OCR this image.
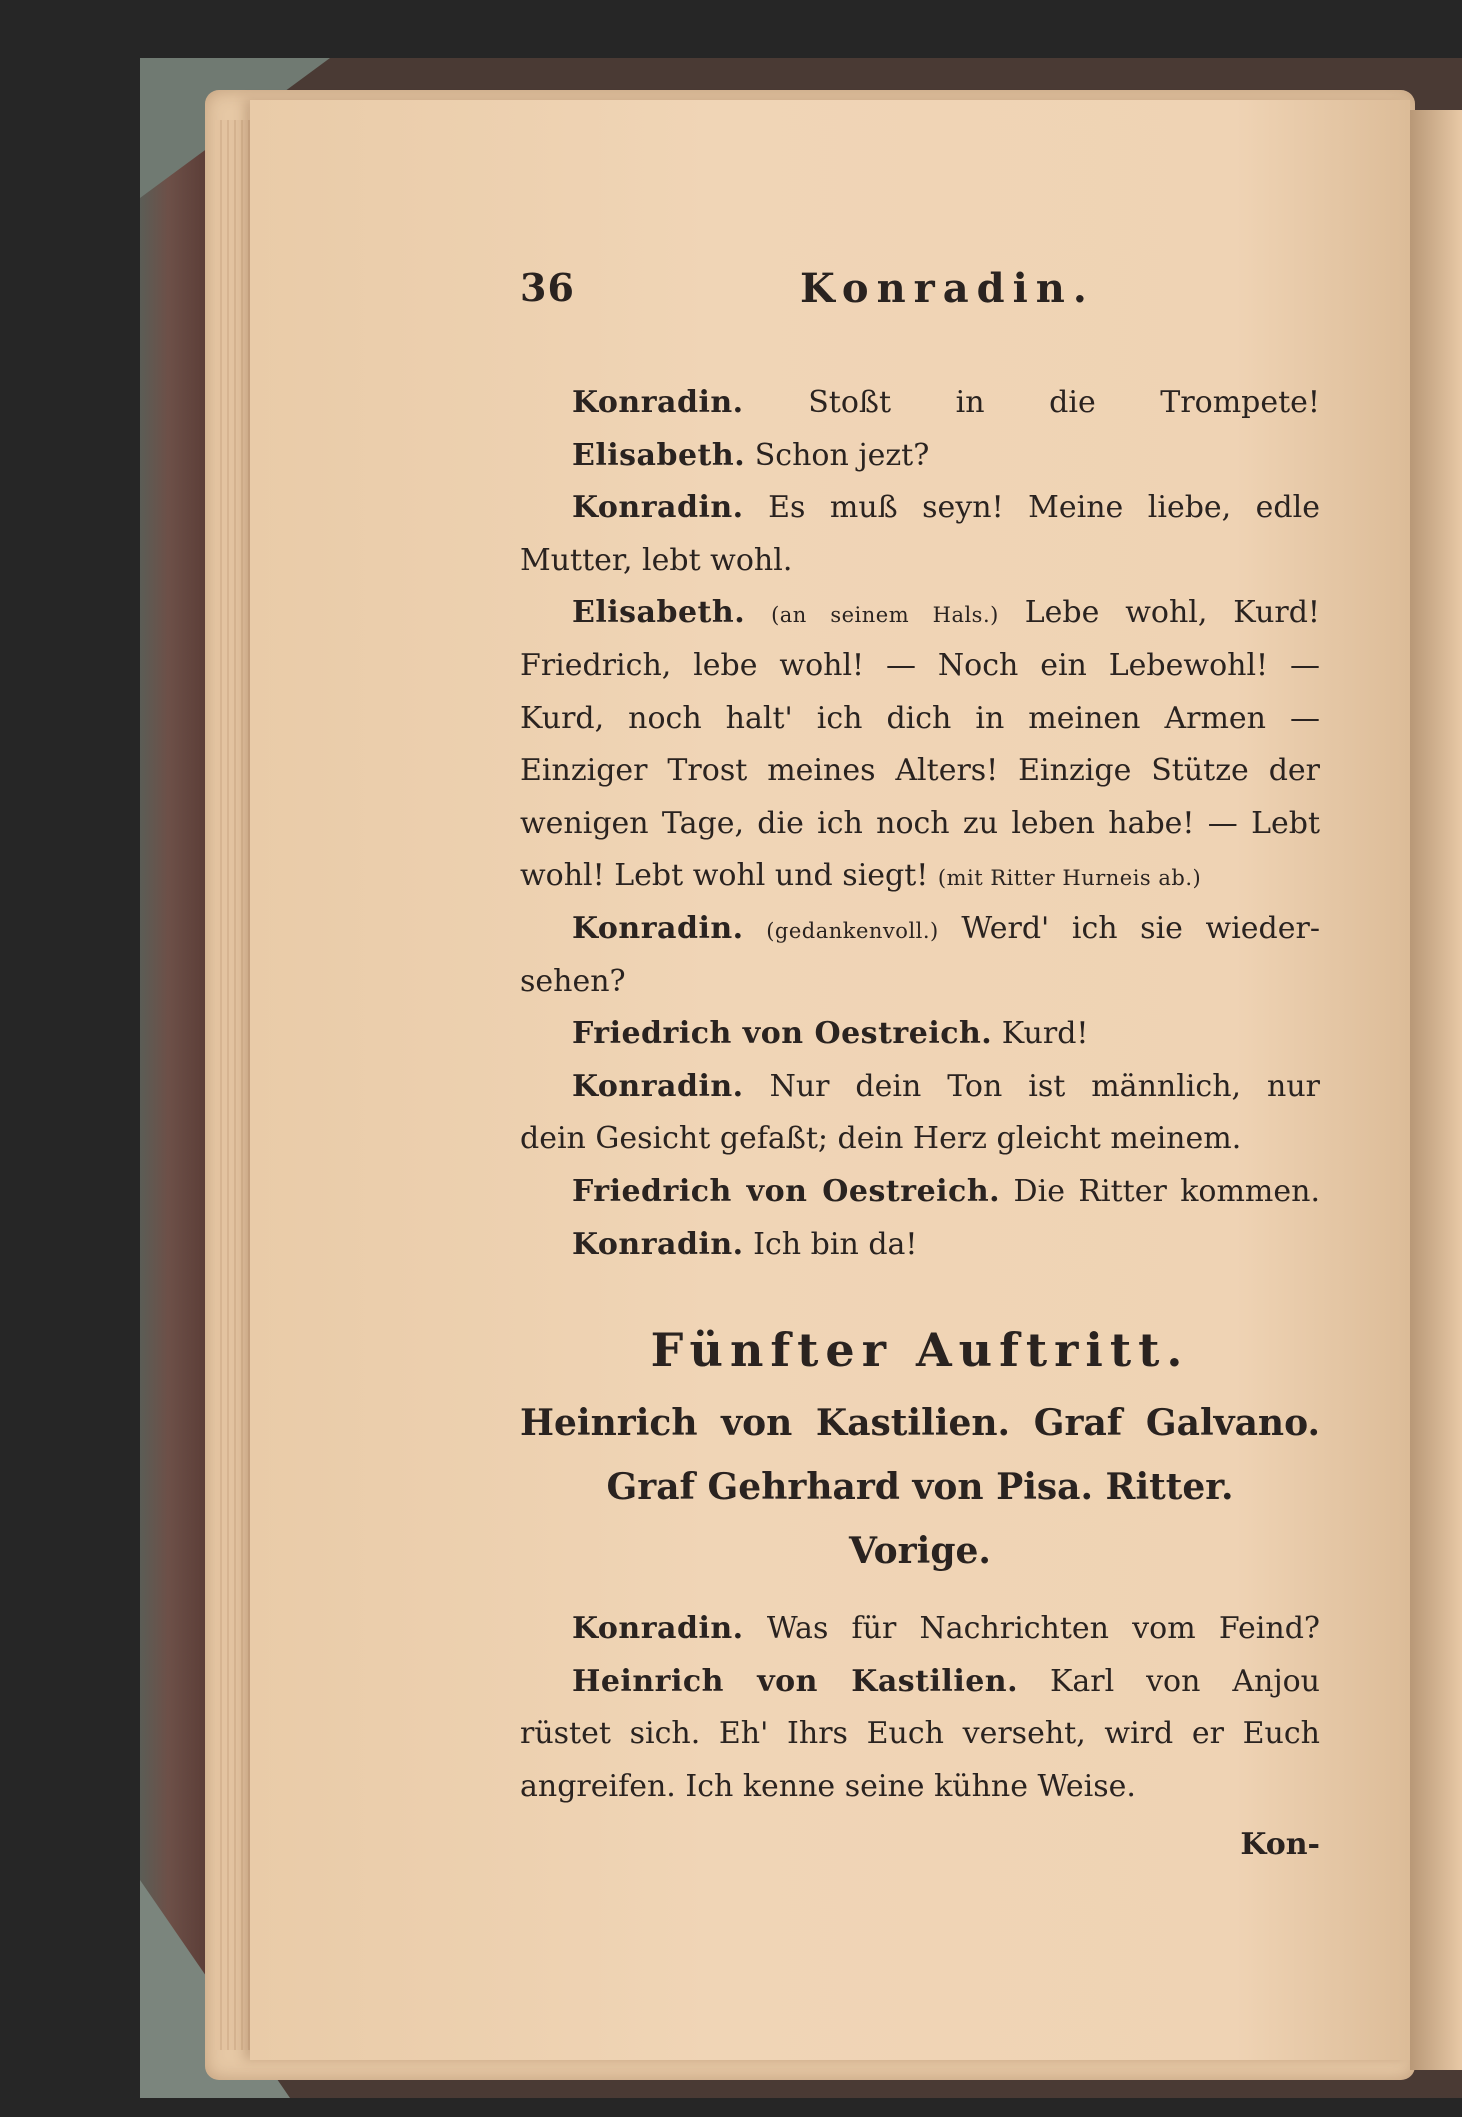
36	Konradin.
Konradin. Stoßt in die Trompete!
Elisabeth. Schon jezt?
Konradin. Es muß seyn! Meine liebe, edle
Mutter, lebt wohl.
Elisabeth. (an seinem Hals.) Lebe wohl, Kurd!
Friedrich, lebe wohl! — Noch ein Lebewohl! —
Kurd, noch halt' ich dich in meinen Armen —
Einziger Trost meines Alters! Einzige Stütze der
wenigen Tage, die ich noch zu leben habe! — Lebt
wohl! Lebt wohl und siegt! (mit Ritter Hurneis ab.)
Konradin. (gedankenvoll.) Werd' ich sie wieder-
sehen?
Friedrich von Oestreich. Kurd!
Konradin. Nur dein Ton ist männlich, nur
dein Gesicht gefaßt; dein Herz gleicht meinem.
Friedrich von Oestreich. Die Ritter kommen.
Konradin. Ich bin da!
Fünfter Auftritt.
Heinrich von Kastilien. Graf Galvano.
Graf Gehrhard von Pisa. Ritter.
Vorige.
Konradin. Was für Nachrichten vom Feind?
Heinrich von Kastilien. Karl von Anjou
rüstet sich. Eh' Ihrs Euch verseht, wird er Euch
angreifen. Ich kenne seine kühne Weise.
Kon-
